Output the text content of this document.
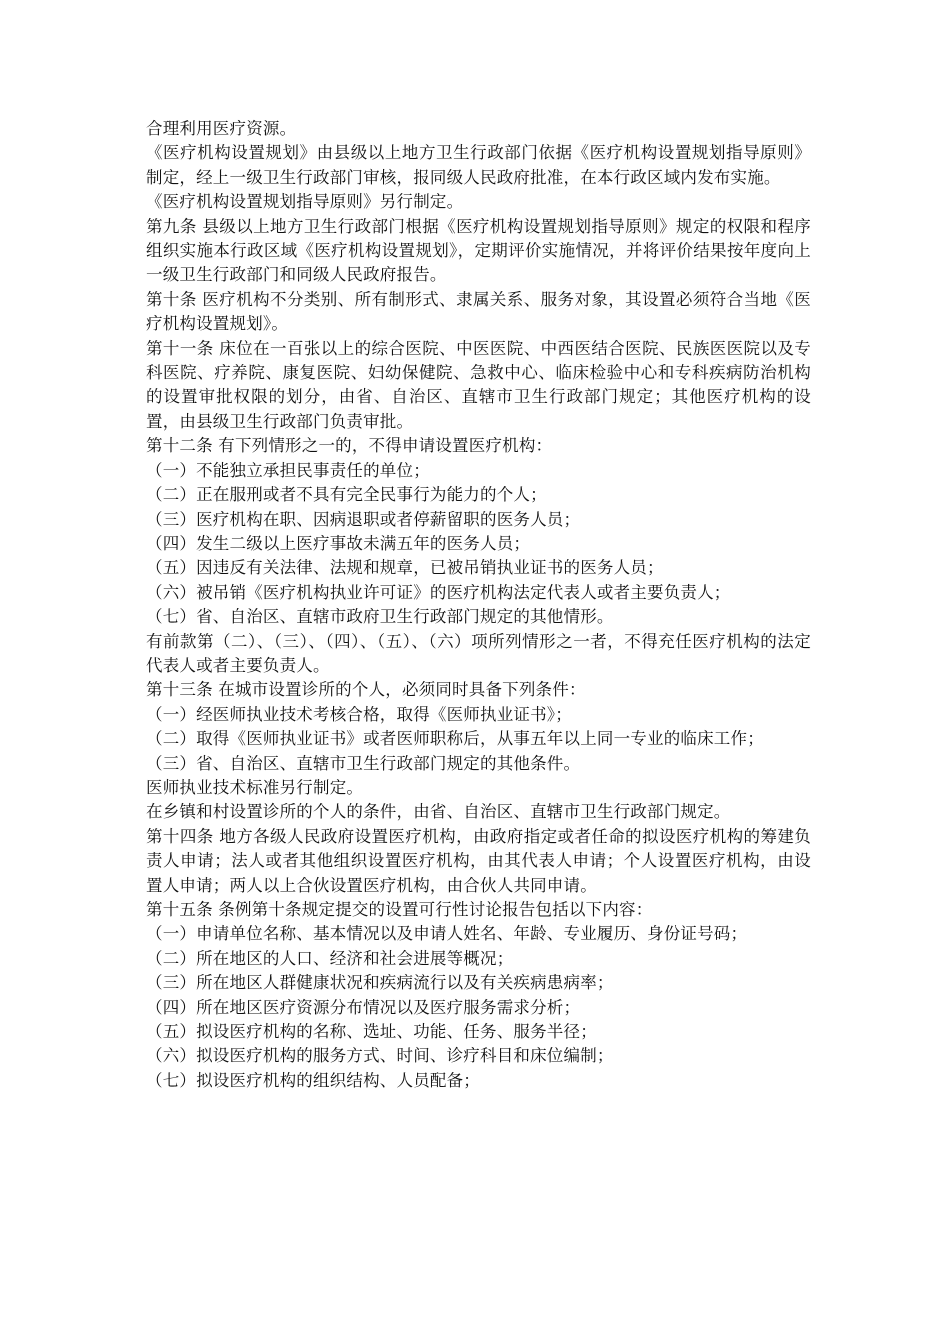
合理利用医疗资源。

《医疗机构设置规划》由县级以上地方卫生行政部门依据《医疗机构设置规划指导原则》制定，经上一级卫生行政部门审核，报同级人民政府批准，在本行政区域内发布实施。

《医疗机构设置规划指导原则》另行制定。

第九条 县级以上地方卫生行政部门根据《医疗机构设置规划指导原则》规定的权限和程序组织实施本行政区域《医疗机构设置规划》，定期评价实施情况，并将评价结果按年度向上一级卫生行政部门和同级人民政府报告。

第十条 医疗机构不分类别、所有制形式、隶属关系、服务对象，其设置必须符合当地《医疗机构设置规划》。

第十一条 床位在一百张以上的综合医院、中医医院、中西医结合医院、民族医医院以及专科医院、疗养院、康复医院、妇幼保健院、急救中心、临床检验中心和专科疾病防治机构的设置审批权限的划分，由省、自治区、直辖市卫生行政部门规定；其他医疗机构的设置，由县级卫生行政部门负责审批。

第十二条 有下列情形之一的，不得申请设置医疗机构：

（一）不能独立承担民事责任的单位；

（二）正在服刑或者不具有完全民事行为能力的个人；

（三）医疗机构在职、因病退职或者停薪留职的医务人员；

（四）发生二级以上医疗事故未满五年的医务人员；

（五）因违反有关法律、法规和规章，已被吊销执业证书的医务人员；

（六）被吊销《医疗机构执业许可证》的医疗机构法定代表人或者主要负责人；

（七）省、自治区、直辖市政府卫生行政部门规定的其他情形。

有前款第（二）、（三）、（四）、（五）、（六）项所列情形之一者，不得充任医疗机构的法定代表人或者主要负责人。

第十三条 在城市设置诊所的个人，必须同时具备下列条件：

（一）经医师执业技术考核合格，取得《医师执业证书》；

（二）取得《医师执业证书》或者医师职称后，从事五年以上同一专业的临床工作；

（三）省、自治区、直辖市卫生行政部门规定的其他条件。

医师执业技术标准另行制定。

在乡镇和村设置诊所的个人的条件，由省、自治区、直辖市卫生行政部门规定。

第十四条 地方各级人民政府设置医疗机构，由政府指定或者任命的拟设医疗机构的筹建负责人申请；法人或者其他组织设置医疗机构，由其代表人申请；个人设置医疗机构，由设置人申请；两人以上合伙设置医疗机构，由合伙人共同申请。

第十五条 条例第十条规定提交的设置可行性讨论报告包括以下内容：

（一）申请单位名称、基本情况以及申请人姓名、年龄、专业履历、身份证号码；

（二）所在地区的人口、经济和社会进展等概况；

（三）所在地区人群健康状况和疾病流行以及有关疾病患病率；

（四）所在地区医疗资源分布情况以及医疗服务需求分析；

（五）拟设医疗机构的名称、选址、功能、任务、服务半径；

（六）拟设医疗机构的服务方式、时间、诊疗科目和床位编制；

（七）拟设医疗机构的组织结构、人员配备；
